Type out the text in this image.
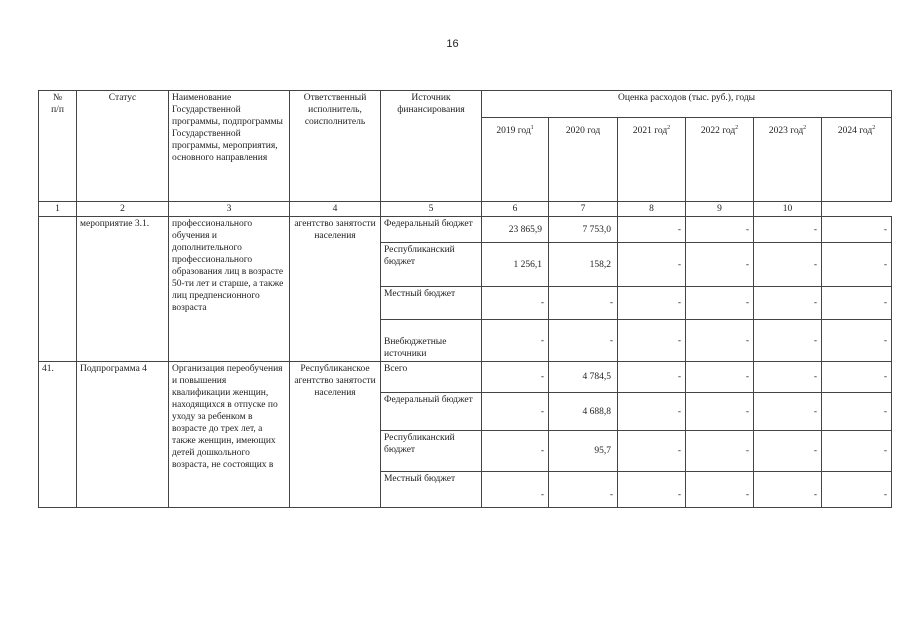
16
№
п/п	Статус	Наименование Государственной программы, подпрограммы Государственной программы, мероприятия, основного направления	Ответственный исполнитель, соисполнитель	Источник финансирования	Оценка расходов (тыс. руб.), годы					
					2019 год$^1$	2020 год	2021 год$^2$	2022 год$^2$	2023 год$^2$	2024 год$^2$
1	2	3	4	5	6	7	8	9	10	
	мероприятие 3.1.	профессионального обучения и дополнительного профессионального образования лиц в возрасте 50-ти лет и старше, а также лиц предпенсионного возраста	агентство занятости населения	Федеральный бюджет	23 865,9	7 753,0	-	-	-	-
				Республиканский бюджет	1 256,1	158,2	-	-	-	-
				Местный бюджет	-	-	-	-	-	-
				Внебюджетные источники	-	-	-	-	-	-
41.	Подпрограмма 4	Организация переобучения и повышения квалификации женщин, находящихся в отпуске по уходу за ребенком в возрасте до трех лет, а также женщин, имеющих детей дошкольного возраста, не состоящих в	Республиканское агентство занятости населения	Всего	-	4 784,5	-	-	-	-
				Федеральный бюджет	-	4 688,8	-	-	-	-
				Республиканский бюджет	-	95,7	-	-	-	-
				Местный бюджет	-	-	-	-	-	-
